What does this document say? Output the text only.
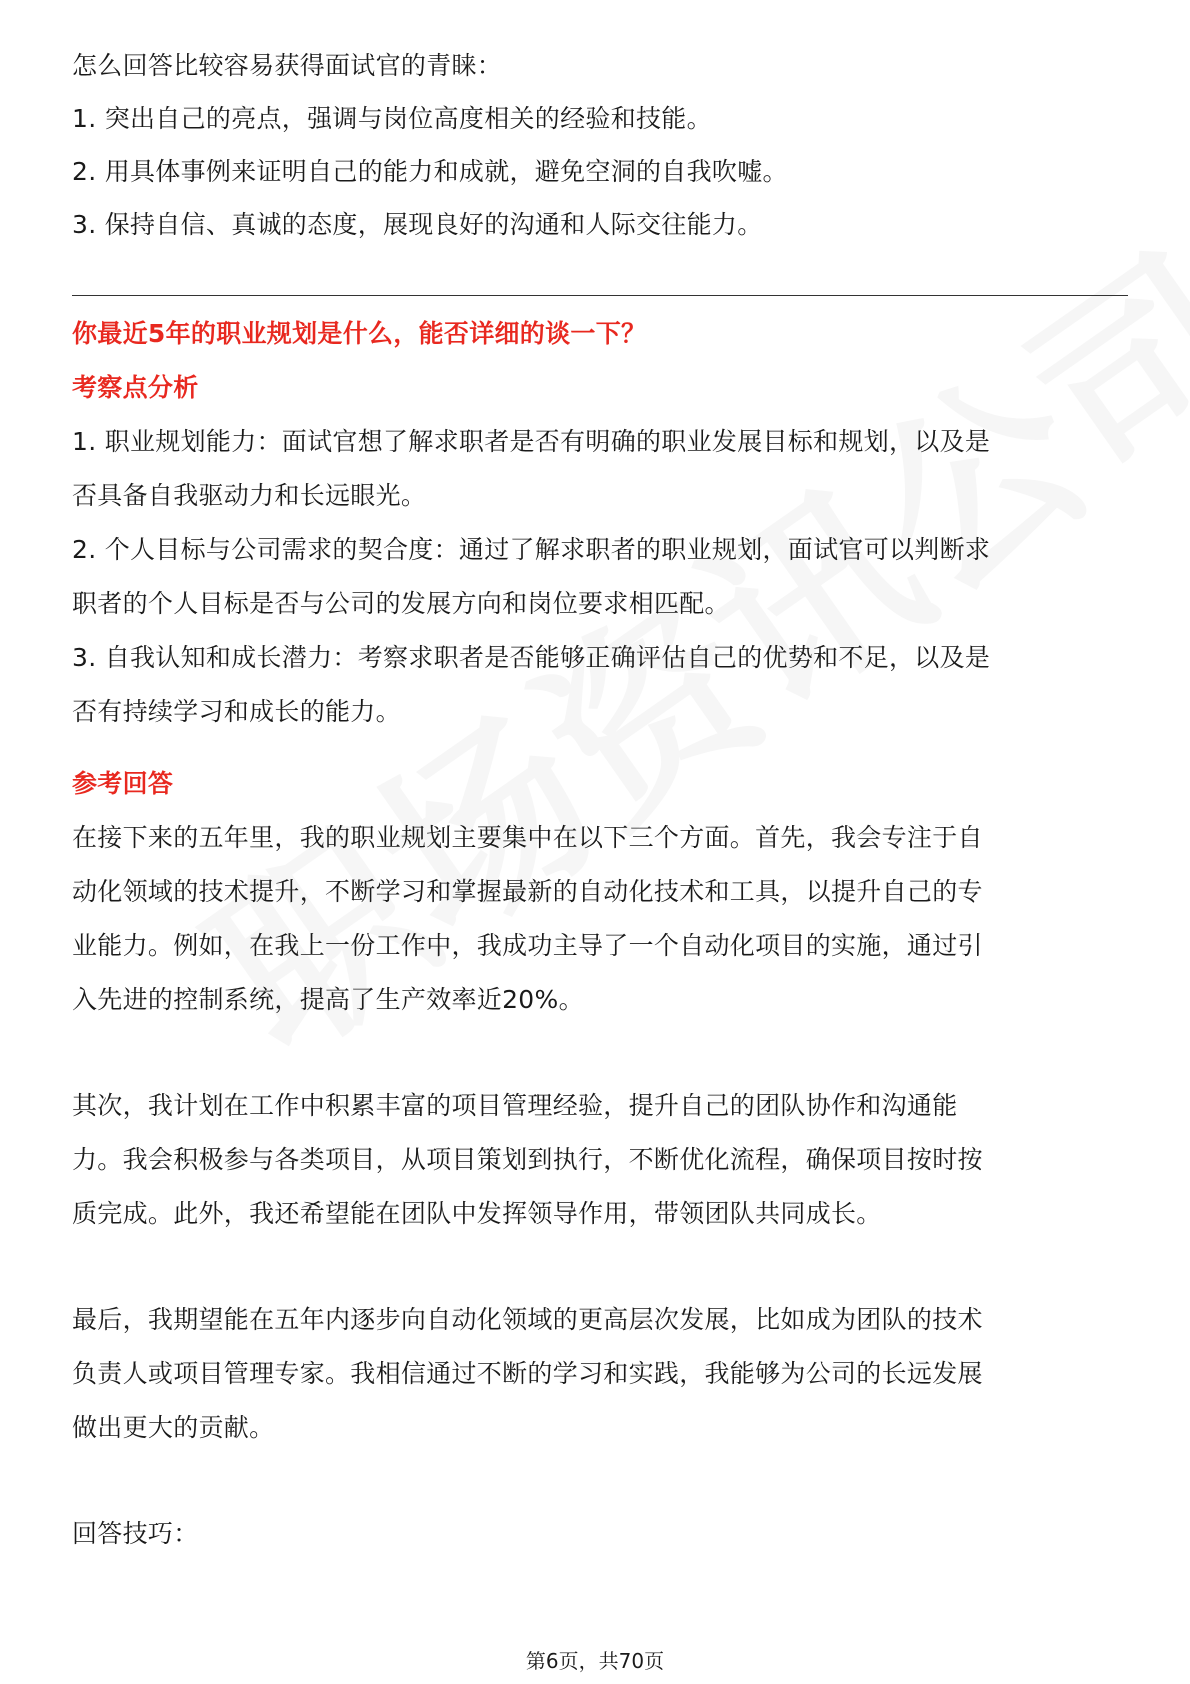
怎么回答比较容易获得面试官的青睐：
1. 突出自己的亮点，强调与岗位高度相关的经验和技能。
2. 用具体事例来证明自己的能力和成就，避免空洞的自我吹嘘。
3. 保持自信、真诚的态度，展现良好的沟通和人际交往能力。
你最近5年的职业规划是什么，能否详细的谈一下？
考察点分析
1. 职业规划能力：面试官想了解求职者是否有明确的职业发展目标和规划，以及是
否具备自我驱动力和长远眼光。
2. 个人目标与公司需求的契合度：通过了解求职者的职业规划，面试官可以判断求
职者的个人目标是否与公司的发展方向和岗位要求相匹配。
3. 自我认知和成长潜力：考察求职者是否能够正确评估自己的优势和不足，以及是
否有持续学习和成长的能力。
参考回答
在接下来的五年里，我的职业规划主要集中在以下三个方面。首先，我会专注于自
动化领域的技术提升，不断学习和掌握最新的自动化技术和工具，以提升自己的专
业能力。例如，在我上一份工作中，我成功主导了一个自动化项目的实施，通过引
入先进的控制系统，提高了生产效率近20%。
其次，我计划在工作中积累丰富的项目管理经验，提升自己的团队协作和沟通能
力。我会积极参与各类项目，从项目策划到执行，不断优化流程，确保项目按时按
质完成。此外，我还希望能在团队中发挥领导作用，带领团队共同成长。
最后，我期望能在五年内逐步向自动化领域的更高层次发展，比如成为团队的技术
负责人或项目管理专家。我相信通过不断的学习和实践，我能够为公司的长远发展
做出更大的贡献。
回答技巧：
第6页，共70页
